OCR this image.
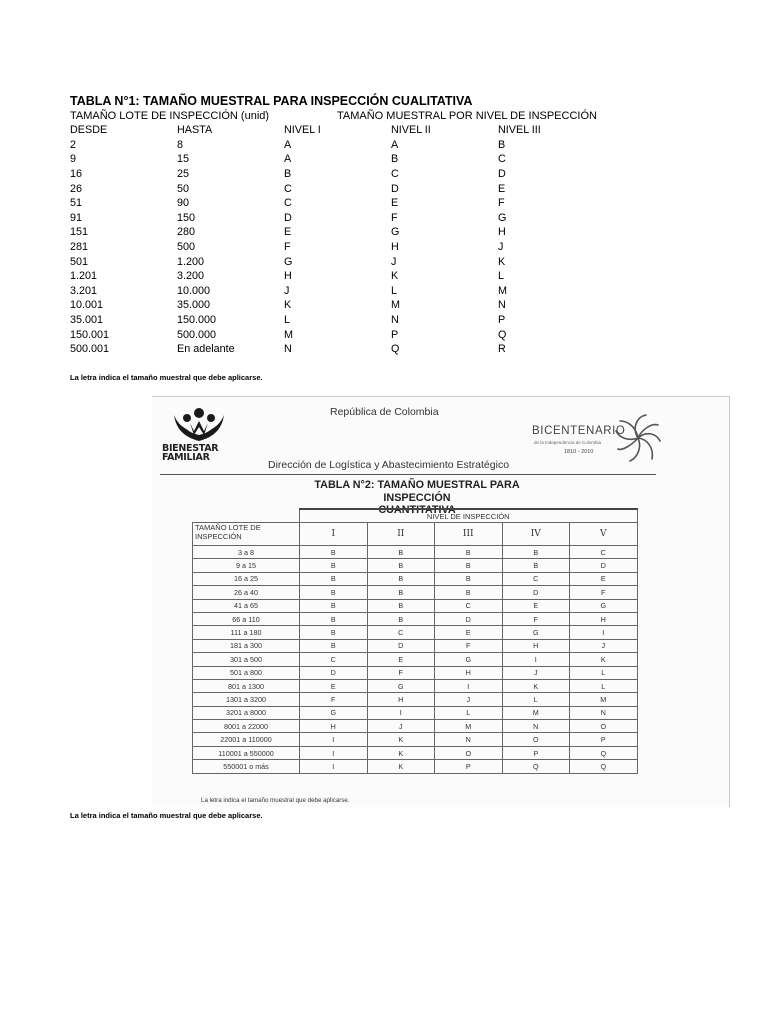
TABLA N°1: TAMAÑO MUESTRAL PARA INSPECCIÓN CUALITATIVA
TAMAÑO LOTE DE INSPECCIÓN (unid)	TAMAÑO MUESTRAL POR NIVEL DE INSPECCIÓN
DESDE	HASTA	NIVEL I	NIVEL II	NIVEL III
2	8	A	A	B
9	15	A	B	C
16	25	B	C	D
26	50	C	D	E
51	90	C	E	F
91	150	D	F	G
151	280	E	G	H
281	500	F	H	J
501	1.200	G	J	K
1.201	3.200	H	K	L
3.201	10.000	J	L	M
10.001	35.000	K	M	N
35.001	150.000	L	N	P
150.001	500.000	M	P	Q
500.001	En adelante	N	Q	R
La letra indica el tamaño muestral que debe aplicarse.
BIENESTAR
FAMILIAR
República de Colombia
BICENTENARIO
de la Independencia de Colombia
1810 - 2010
Dirección de Logística y Abastecimiento Estratégico
TABLA N°2: TAMAÑO MUESTRAL PARA INSPECCIÓN
CUANTITATIVA
	NIVEL DE INSPECCIÓN				
TAMAÑO LOTE DE INSPECCIÓN	I	II	III	IV	V
3 a 8	B	B	B	B	C
9 a 15	B	B	B	B	D
16 a 25	B	B	B	C	E
26 a 40	B	B	B	D	F
41 a 65	B	B	C	E	G
66 a 110	B	B	D	F	H
111 a 180	B	C	E	G	I
181 a 300	B	D	F	H	J
301 a 500	C	E	G	I	K
501 a 800	D	F	H	J	L
801 a 1300	E	G	I	K	L
1301 a 3200	F	H	J	L	M
3201 a 8000	G	I	L	M	N
8001 a 22000	H	J	M	N	O
22001 a 110000	I	K	N	O	P
110001 a 550000	I	K	O	P	Q
550001 o más	I	K	P	Q	Q
La letra indica el tamaño muestral que debe aplicarse.
La letra indica el tamaño muestral que debe aplicarse.
